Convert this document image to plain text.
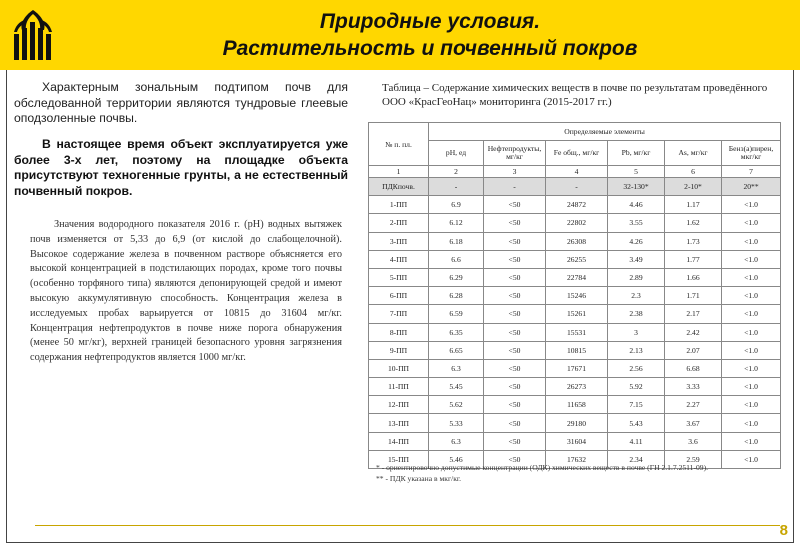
Природные условия.
Растительность и почвенный покров

Характерным зональным подтипом почв для обследованной территории являются тундровые глеевые оподзоленные почвы.

В настоящее время объект эксплуатируется уже более 3-х лет, поэтому на площадке объекта присутствуют техногенные грунты, а не естественный почвенный покров.

Значения водородного показателя 2016 г. (pH) водных вытяжек почв изменяется от 5,33 до 6,9 (от кислой до слабощелочной). Высокое содержание железа в почвенном растворе объясняется его высокой концентрацией в подстилающих породах, кроме того почвы (особенно торфяного типа) являются депонирующей средой и имеют высокую аккумулятивную способность. Концентрация железа в исследуемых пробах варьируется от 10815 до 31604 мг/кг. Концентрация нефтепродуктов в почве ниже порога обнаружения (менее 50 мг/кг), верхней границей безопасного уровня загрязнения содержания нефтепродуктов является 1000 мг/кг.

Таблица – Содержание химических веществ в почве по результатам проведённого ООО «КрасГеоНац» мониторинга (2015-2017 гг.)

№ п. пл.	Определяемые элементы					
	pH, ед	Нефтепродукты, мг/кг	Fe общ., мг/кг	Pb, мг/кг	As, мг/кг	Бенз(а)пирен, мкг/кг
1	2	3	4	5	6	7
ПДКпочв.	-	-	-	32-130*	2-10*	20**
1-ПП	6.9	<50	24872	4.46	1.17	<1.0
2-ПП	6.12	<50	22802	3.55	1.62	<1.0
3-ПП	6.18	<50	26308	4.26	1.73	<1.0
4-ПП	6.6	<50	26255	3.49	1.77	<1.0
5-ПП	6.29	<50	22784	2.89	1.66	<1.0
6-ПП	6.28	<50	15246	2.3	1.71	<1.0
7-ПП	6.59	<50	15261	2.38	2.17	<1.0
8-ПП	6.35	<50	15531	3	2.42	<1.0
9-ПП	6.65	<50	10815	2.13	2.07	<1.0
10-ПП	6.3	<50	17671	2.56	6.68	<1.0
11-ПП	5.45	<50	26273	5.92	3.33	<1.0
12-ПП	5.62	<50	11658	7.15	2.27	<1.0
13-ПП	5.33	<50	29180	5.43	3.67	<1.0
14-ПП	6.3	<50	31604	4.11	3.6	<1.0
15-ПП	5.46	<50	17632	2.34	2.59	<1.0

* - ориентировочно допустимые концентрации (ОДК) химических веществ в почве (ГН 2.1.7.2511-09).

** - ПДК указана в мкг/кг.

8
